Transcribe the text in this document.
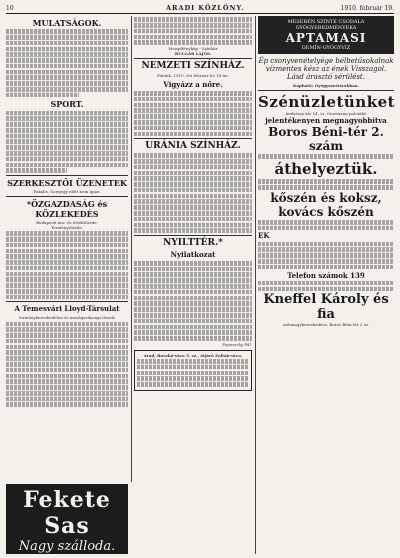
10	ARADI KÖZLÖNY.	1910. február 19.
MULATSÁGOK.
SPORT.
SZERKESZTŐI ÜZENETEK
Pakalis. Sorsjegy előtt nem igazi.
*ÖZGAZDASÁG és KÖZLEKEDÉS
Budapesti áru- és értéktőzsde.
Terménytőzsde.
A Temesvári Lloyd-Társulat
terménykereskedelmi és mezőgazdasági tőzsde
Fekete Sas
Nagy szálloda.
Mozgófénykép - Színház
BULGÁR LAJOS.
NEMZETI SZÍNHÁZ.
Péntek, 1910. évi február hó 18-án:
Vigyázz a nőre.
URÁNIA SZÍNHÁZ.
NYILTTÉR.*
Nyilatkozat
Popovszky Pál.
Arad, Boczkó-utca 5. sz., átjáró Zoltán-utca.
MESEBÉN SZINTE CSODÁLA GYÓGYEREDMÉNYEKA
APTAMASI
DEMÍN-GYÓGYVIZ
Ép csonyvenételyége bélbetűsokalnak vízmentes kész az ének Visszagol. Lásd árasztó sérülést.
Kapható: Gyógyszertárakban.
Szénüzletünket
Andrássy-tér 14. sz. Gerrmann-palotábó
jelentékenyen megnagyobbítva
Boros Béni-tér 2. szám
áthelyeztük.
kőszén és koksz,
kovács kőszén
EK
Telefon számok 139
Kneffel Károly és fia
szénnagykereskedése, Boros Béni-tér 2 sz.
